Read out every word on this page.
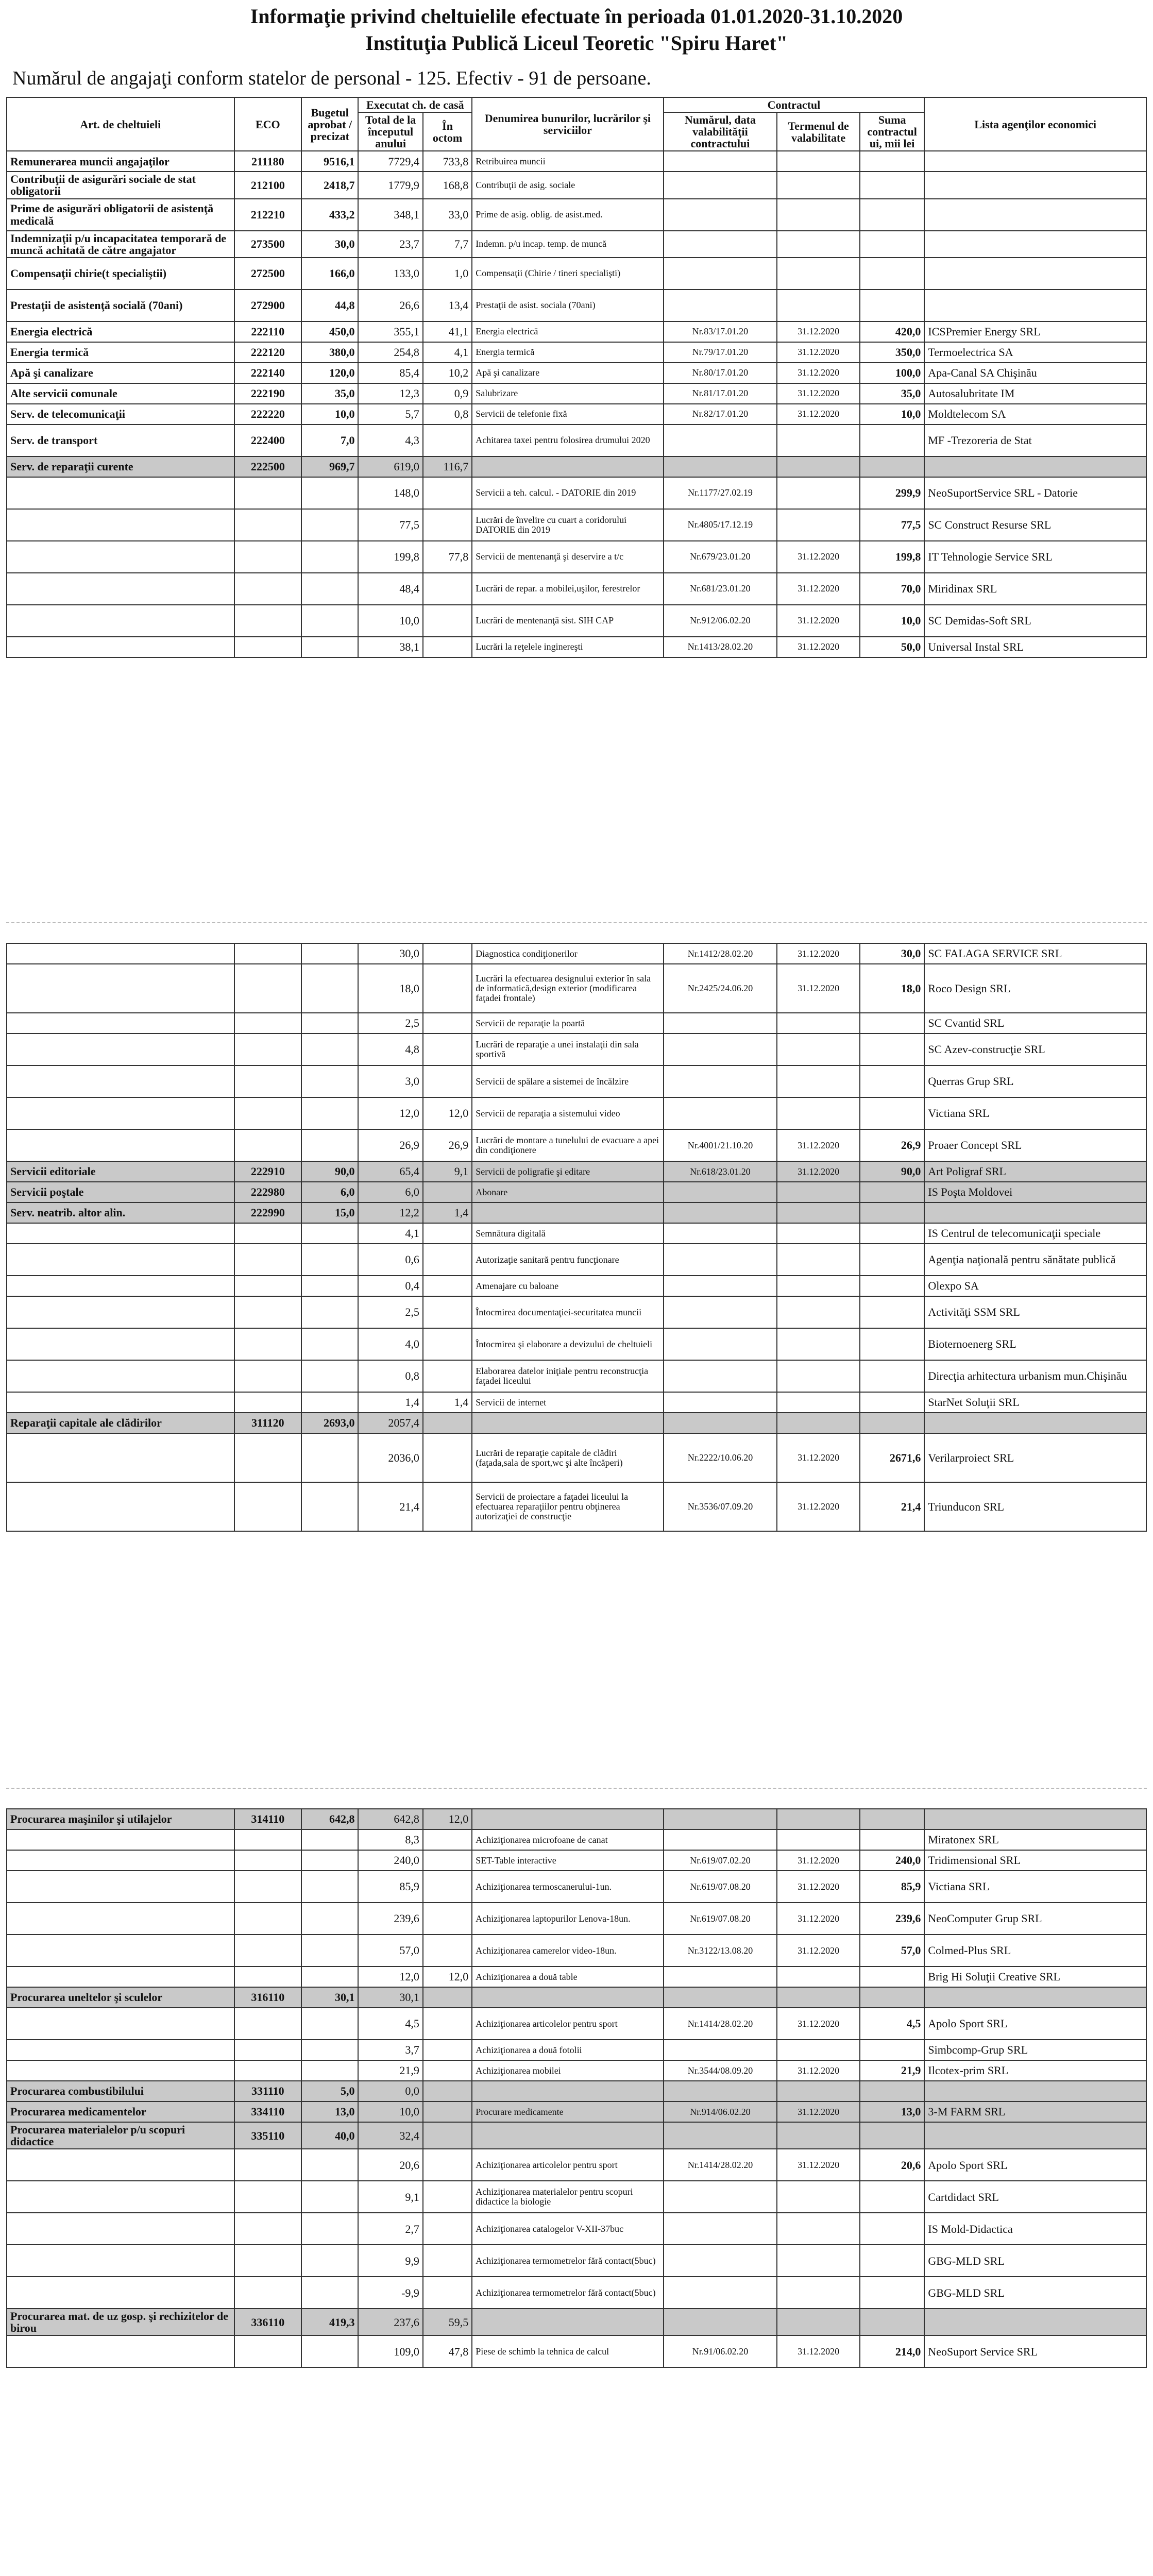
Informaţie privind cheltuielile efectuate în perioada 01.01.2020-31.10.2020
Instituţia Publică Liceul Teoretic "Spiru Haret"
Numărul de angajaţi conform statelor de personal - 125. Efectiv - 91 de persoane.
Art. de cheltuieli	ECO	Bugetul aprobat / precizat	Executat ch. de casă		Denumirea bunurilor, lucrărilor şi serviciilor	Contractul			Lista agenţilor economici
			Total de la începutul anului	În octom		Numărul, data valabilităţii contractului	Termenul de valabilitate	Suma contractul ui, mii lei	
Remunerarea muncii angajaţilor	211180	9516,1	7729,4	733,8	Retribuirea muncii				
Contribuţii de asigurări sociale de stat obligatorii	212100	2418,7	1779,9	168,8	Contribuţii de asig. sociale				
Prime de asigurări obligatorii de asistenţă medicală	212210	433,2	348,1	33,0	Prime de asig. oblig. de asist.med.				
Indemnizaţii p/u incapacitatea temporară de muncă achitată de către angajator	273500	30,0	23,7	7,7	Indemn. p/u incap. temp. de muncă				
Compensaţii chirie(t specialiştii)	272500	166,0	133,0	1,0	Compensaţii (Chirie / tineri specialişti)				
Prestaţii de asistenţă socială (70ani)	272900	44,8	26,6	13,4	Prestaţii de asist. sociala (70ani)				
Energia electrică	222110	450,0	355,1	41,1	Energia electrică	Nr.83/17.01.20	31.12.2020	420,0	ICSPremier Energy SRL
Energia termică	222120	380,0	254,8	4,1	Energia termică	Nr.79/17.01.20	31.12.2020	350,0	Termoelectrica SA
Apă şi canalizare	222140	120,0	85,4	10,2	Apă şi canalizare	Nr.80/17.01.20	31.12.2020	100,0	Apa-Canal SA Chişinău
Alte servicii comunale	222190	35,0	12,3	0,9	Salubrizare	Nr.81/17.01.20	31.12.2020	35,0	Autosalubritate IM
Serv. de telecomunicaţii	222220	10,0	5,7	0,8	Servicii de telefonie fixă	Nr.82/17.01.20	31.12.2020	10,0	Moldtelecom SA
Serv. de transport	222400	7,0	4,3		Achitarea taxei pentru folosirea drumului 2020				MF -Trezoreria de Stat
Serv. de reparaţii curente	222500	969,7	619,0	116,7					
			148,0		Servicii a teh. calcul. - DATORIE din 2019	Nr.1177/27.02.19		299,9	NeoSuportService SRL - Datorie
			77,5		Lucrări de învelire cu cuart a coridorului DATORIE din 2019	Nr.4805/17.12.19		77,5	SC Construct Resurse SRL
			199,8	77,8	Servicii de mentenanţă şi deservire a t/c	Nr.679/23.01.20	31.12.2020	199,8	IT Tehnologie Service SRL
			48,4		Lucrări de repar. a mobilei,uşilor, ferestrelor	Nr.681/23.01.20	31.12.2020	70,0	Miridinax SRL
			10,0		Lucrări de mentenanţă sist. SIH CAP	Nr.912/06.02.20	31.12.2020	10,0	SC Demidas-Soft SRL
			38,1		Lucrări la reţelele inginereşti	Nr.1413/28.02.20	31.12.2020	50,0	Universal Instal SRL
			30,0		Diagnostica condiţionerilor	Nr.1412/28.02.20	31.12.2020	30,0	SC FALAGA SERVICE SRL
			18,0		Lucrări la efectuarea designului exterior în sala de informatică,design exterior (modificarea faţadei frontale)	Nr.2425/24.06.20	31.12.2020	18,0	Roco Design SRL
			2,5		Servicii de reparaţie la poartă				SC Cvantid SRL
			4,8		Lucrări de reparaţie a unei instalaţii din sala sportivă				SC Azev-construcţie SRL
			3,0		Servicii de spălare a sistemei de încălzire				Querras Grup SRL
			12,0	12,0	Servicii de reparaţia a sistemului video				Victiana SRL
			26,9	26,9	Lucrări de montare a tunelului de evacuare a apei din condiţionere	Nr.4001/21.10.20	31.12.2020	26,9	Proaer Concept SRL
Servicii editoriale	222910	90,0	65,4	9,1	Servicii de poligrafie şi editare	Nr.618/23.01.20	31.12.2020	90,0	Art Poligraf SRL
Servicii poştale	222980	6,0	6,0		Abonare				IS Poşta Moldovei
Serv. neatrib. altor alin.	222990	15,0	12,2	1,4					
			4,1		Semnătura digitală				IS Centrul de telecomunicaţii speciale
			0,6		Autorizaţie sanitară pentru funcţionare				Agenţia naţională pentru sănătate publică
			0,4		Amenajare cu baloane				Olexpo SA
			2,5		Întocmirea documentaţiei-securitatea muncii				Activităţi SSM SRL
			4,0		Întocmirea şi elaborare a devizului de cheltuieli				Bioternoenerg SRL
			0,8		Elaborarea datelor iniţiale pentru reconstrucţia faţadei liceului				Direcţia arhitectura urbanism mun.Chişinău
			1,4	1,4	Servicii de internet				StarNet Soluţii SRL
Reparaţii capitale ale clădirilor	311120	2693,0	2057,4						
			2036,0		Lucrări de reparaţie capitale de clădiri (faţada,sala de sport,wc şi alte încăperi)	Nr.2222/10.06.20	31.12.2020	2671,6	Verilarproiect SRL
			21,4		Servicii de proiectare a faţadei liceului la efectuarea reparaţiilor pentru obţinerea autorizaţiei de construcţie	Nr.3536/07.09.20	31.12.2020	21,4	Triunducon SRL
Procurarea maşinilor şi utilajelor	314110	642,8	642,8	12,0					
			8,3		Achiziţionarea microfoane de canat				Miratonex SRL
			240,0		SET-Table interactive	Nr.619/07.02.20	31.12.2020	240,0	Tridimensional SRL
			85,9		Achiziţionarea termoscanerului-1un.	Nr.619/07.08.20	31.12.2020	85,9	Victiana SRL
			239,6		Achiziţionarea laptopurilor Lenova-18un.	Nr.619/07.08.20	31.12.2020	239,6	NeoComputer Grup SRL
			57,0		Achiziţionarea camerelor video-18un.	Nr.3122/13.08.20	31.12.2020	57,0	Colmed-Plus SRL
			12,0	12,0	Achiziţionarea a două table				Brig Hi Soluţii Creative SRL
Procurarea uneltelor şi sculelor	316110	30,1	30,1						
			4,5		Achiziţionarea articolelor pentru sport	Nr.1414/28.02.20	31.12.2020	4,5	Apolo Sport SRL
			3,7		Achiziţionarea a două fotolii				Simbcomp-Grup SRL
			21,9		Achiziţionarea mobilei	Nr.3544/08.09.20	31.12.2020	21,9	Ilcotex-prim SRL
Procurarea combustibilului	331110	5,0	0,0						
Procurarea medicamentelor	334110	13,0	10,0		Procurare medicamente	Nr.914/06.02.20	31.12.2020	13,0	3-M FARM SRL
Procurarea materialelor p/u scopuri didactice	335110	40,0	32,4						
			20,6		Achiziţionarea articolelor pentru sport	Nr.1414/28.02.20	31.12.2020	20,6	Apolo Sport SRL
			9,1		Achiziţionarea materialelor pentru scopuri didactice la biologie				Cartdidact SRL
			2,7		Achiziţionarea catalogelor V-XII-37buc				IS Mold-Didactica
			9,9		Achiziţionarea termometrelor fără contact(5buc)				GBG-MLD SRL
			-9,9		Achiziţionarea termometrelor fără contact(5buc)				GBG-MLD SRL
Procurarea mat. de uz gosp. şi rechizitelor de birou	336110	419,3	237,6	59,5					
			109,0	47,8	Piese de schimb la tehnica de calcul	Nr.91/06.02.20	31.12.2020	214,0	NeoSuport Service SRL
